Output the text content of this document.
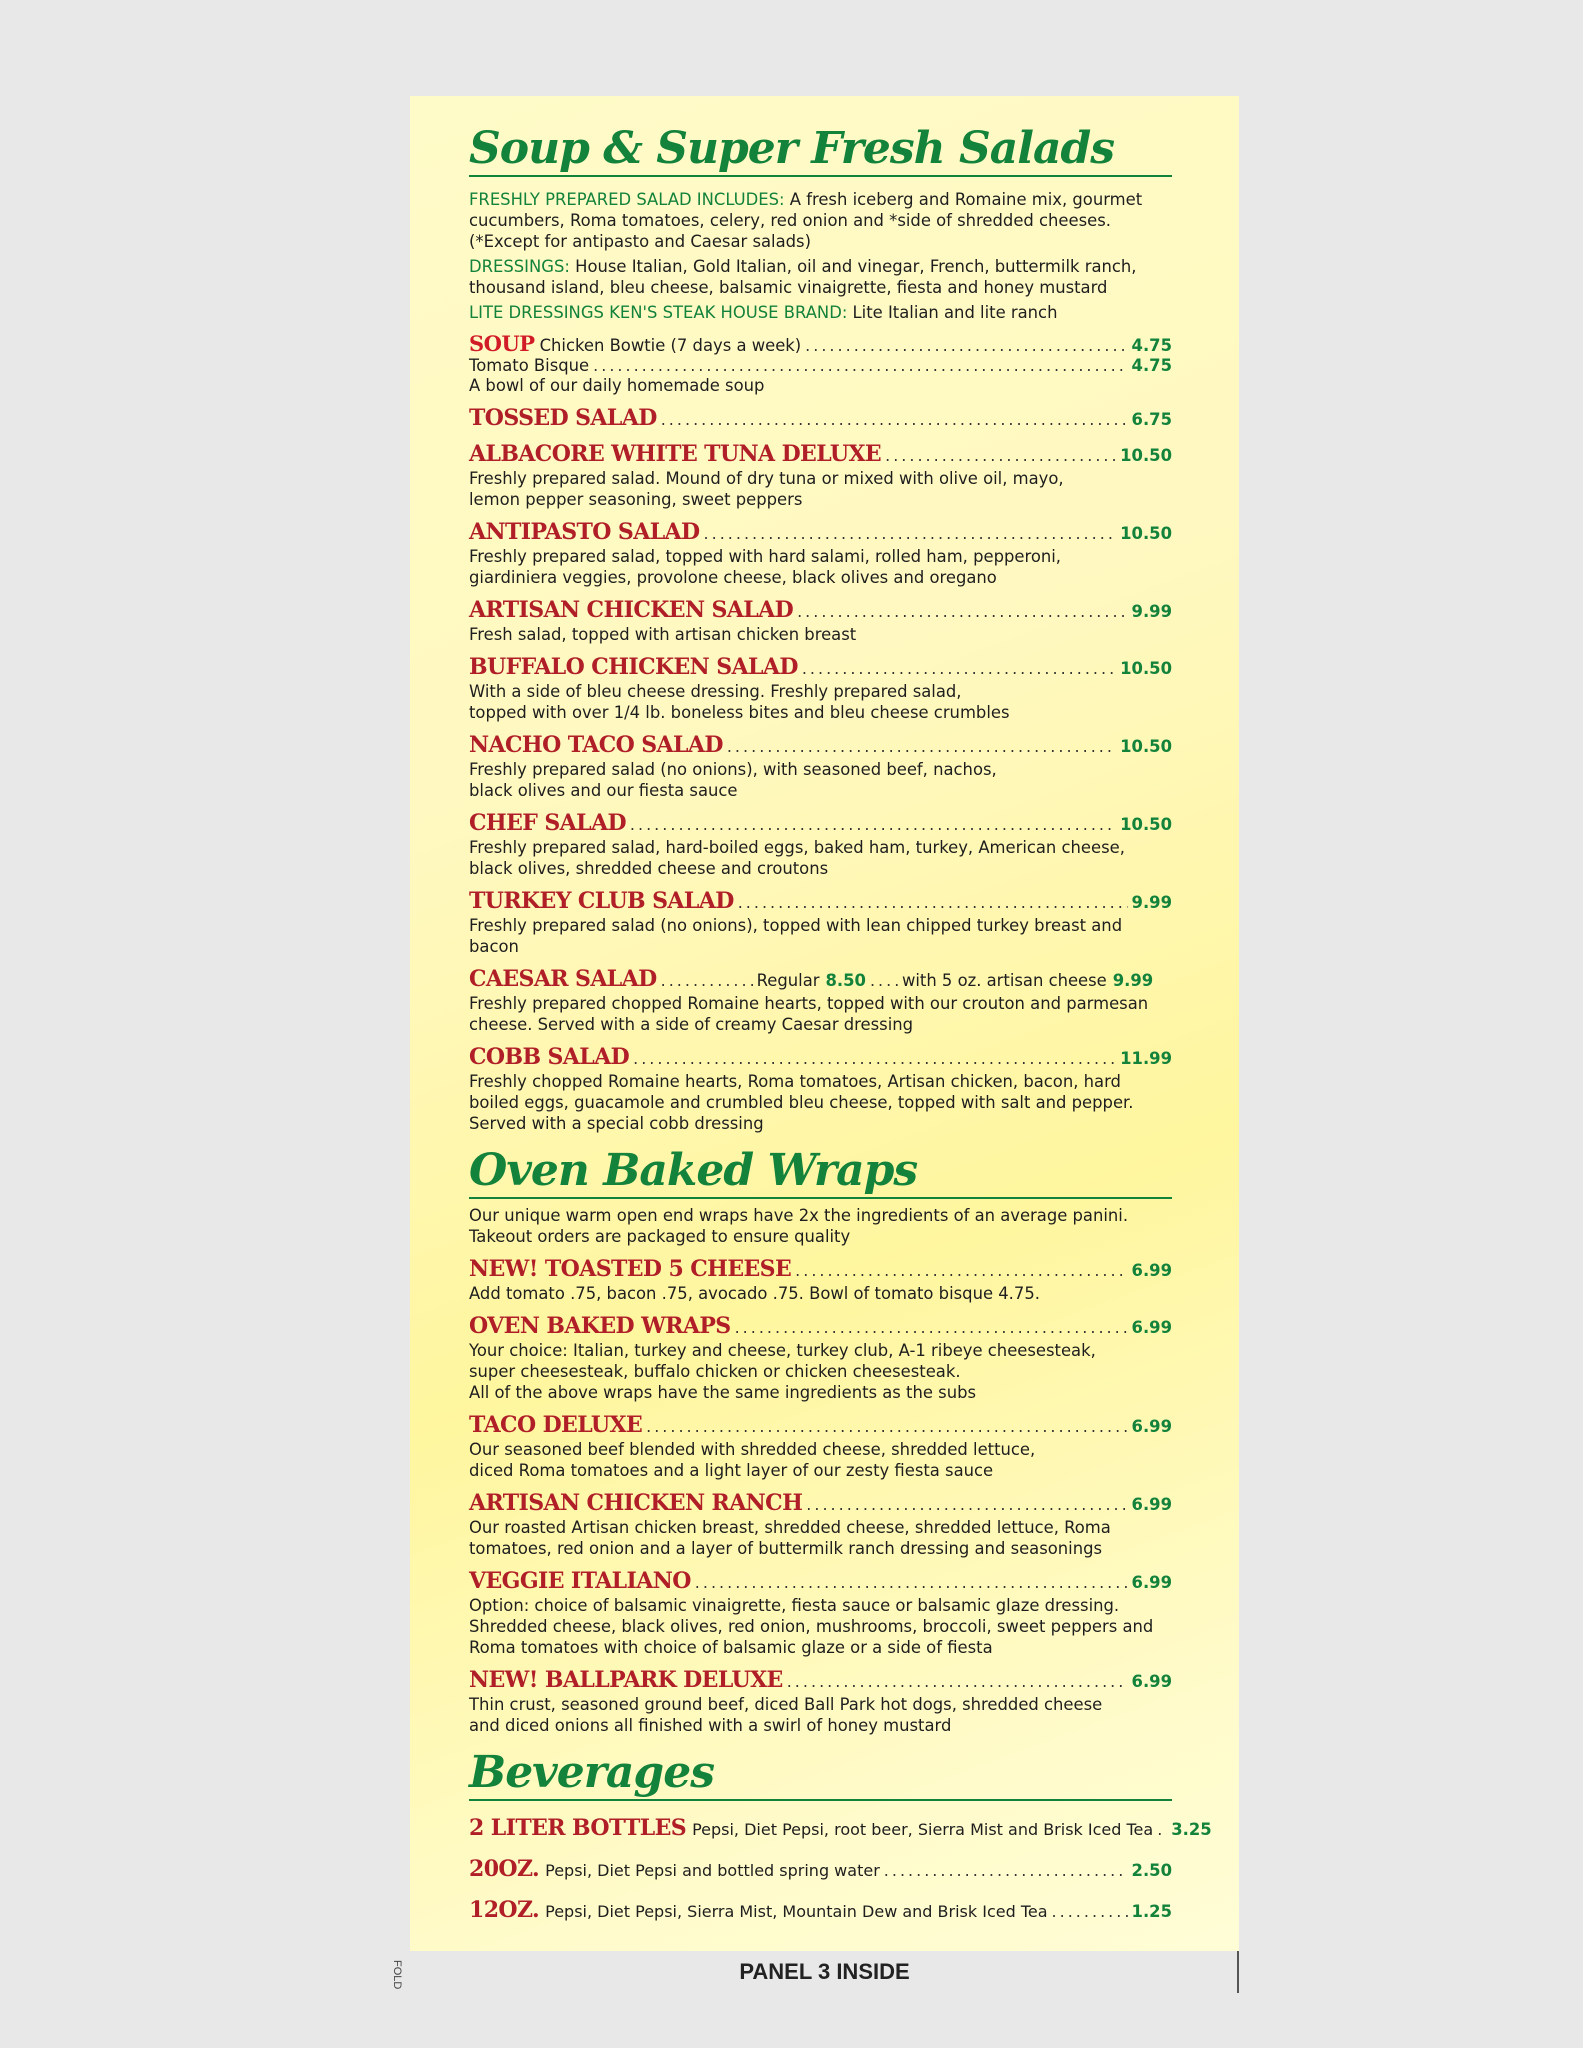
Soup & Super Fresh Salads

FRESHLY PREPARED SALAD INCLUDES: A fresh iceberg and Romaine mix, gourmet cucumbers, Roma tomatoes, celery, red onion and *side of shredded cheeses. (*Except for antipasto and Caesar salads)

DRESSINGS: House Italian, Gold Italian, oil and vinegar, French, buttermilk ranch, thousand island, bleu cheese, balsamic vinaigrette, fiesta and honey mustard

LITE DRESSINGS KEN'S STEAK HOUSE BRAND: Lite Italian and lite ranch

SOUP Chicken Bowtie (7 days a week) .....	4.75
Tomato Bisque .....	4.75
A bowl of our daily homemade soup
TOSSED SALAD .....	6.75
ALBACORE WHITE TUNA DELUXE .....	10.50
Freshly prepared salad. Mound of dry tuna or mixed with olive oil, mayo,
lemon pepper seasoning, sweet peppers
ANTIPASTO SALAD .....	10.50
Freshly prepared salad, topped with hard salami, rolled ham, pepperoni,
giardiniera veggies, provolone cheese, black olives and oregano
ARTISAN CHICKEN SALAD .....	9.99
Fresh salad, topped with artisan chicken breast
BUFFALO CHICKEN SALAD .....	10.50
With a side of bleu cheese dressing. Freshly prepared salad,
topped with over 1/4 lb. boneless bites and bleu cheese crumbles
NACHO TACO SALAD .....	10.50
Freshly prepared salad (no onions), with seasoned beef, nachos,
black olives and our fiesta sauce
CHEF SALAD .....	10.50
Freshly prepared salad, hard-boiled eggs, baked ham, turkey, American cheese,
black olives, shredded cheese and croutons
TURKEY CLUB SALAD .....	9.99
Freshly prepared salad (no onions), topped with lean chipped turkey breast and bacon
CAESAR SALAD .....	Regular 8.50 ..... with 5 oz. artisan cheese 9.99
Freshly prepared chopped Romaine hearts, topped with our crouton and parmesan
cheese. Served with a side of creamy Caesar dressing
COBB SALAD .....	11.99
Freshly chopped Romaine hearts, Roma tomatoes, Artisan chicken, bacon, hard
boiled eggs, guacamole and crumbled bleu cheese, topped with salt and pepper.
Served with a special cobb dressing
Oven Baked Wraps
Our unique warm open end wraps have 2x the ingredients of an average panini.
Takeout orders are packaged to ensure quality
NEW! TOASTED 5 CHEESE .....	6.99
Add tomato .75, bacon .75, avocado .75. Bowl of tomato bisque 4.75.
OVEN BAKED WRAPS .....	6.99
Your choice: Italian, turkey and cheese, turkey club, A-1 ribeye cheesesteak,
super cheesesteak, buffalo chicken or chicken cheesesteak.
All of the above wraps have the same ingredients as the subs
TACO DELUXE .....	6.99
Our seasoned beef blended with shredded cheese, shredded lettuce,
diced Roma tomatoes and a light layer of our zesty fiesta sauce
ARTISAN CHICKEN RANCH .....	6.99
Our roasted Artisan chicken breast, shredded cheese, shredded lettuce, Roma
tomatoes, red onion and a layer of buttermilk ranch dressing and seasonings
VEGGIE ITALIANO .....	6.99
Option: choice of balsamic vinaigrette, fiesta sauce or balsamic glaze dressing.
Shredded cheese, black olives, red onion, mushrooms, broccoli, sweet peppers and
Roma tomatoes with choice of balsamic glaze or a side of fiesta
NEW! BALLPARK DELUXE .....	6.99
Thin crust, seasoned ground beef, diced Ball Park hot dogs, shredded cheese
and diced onions all finished with a swirl of honey mustard
Beverages
2 LITER BOTTLES Pepsi, Diet Pepsi, root beer, Sierra Mist and Brisk Iced Tea ..... 3.25
20OZ. Pepsi, Diet Pepsi and bottled spring water .....	2.50
12OZ. Pepsi, Diet Pepsi, Sierra Mist, Mountain Dew and Brisk Iced Tea .....	1.25
PANEL 3 INSIDE
FOLD
